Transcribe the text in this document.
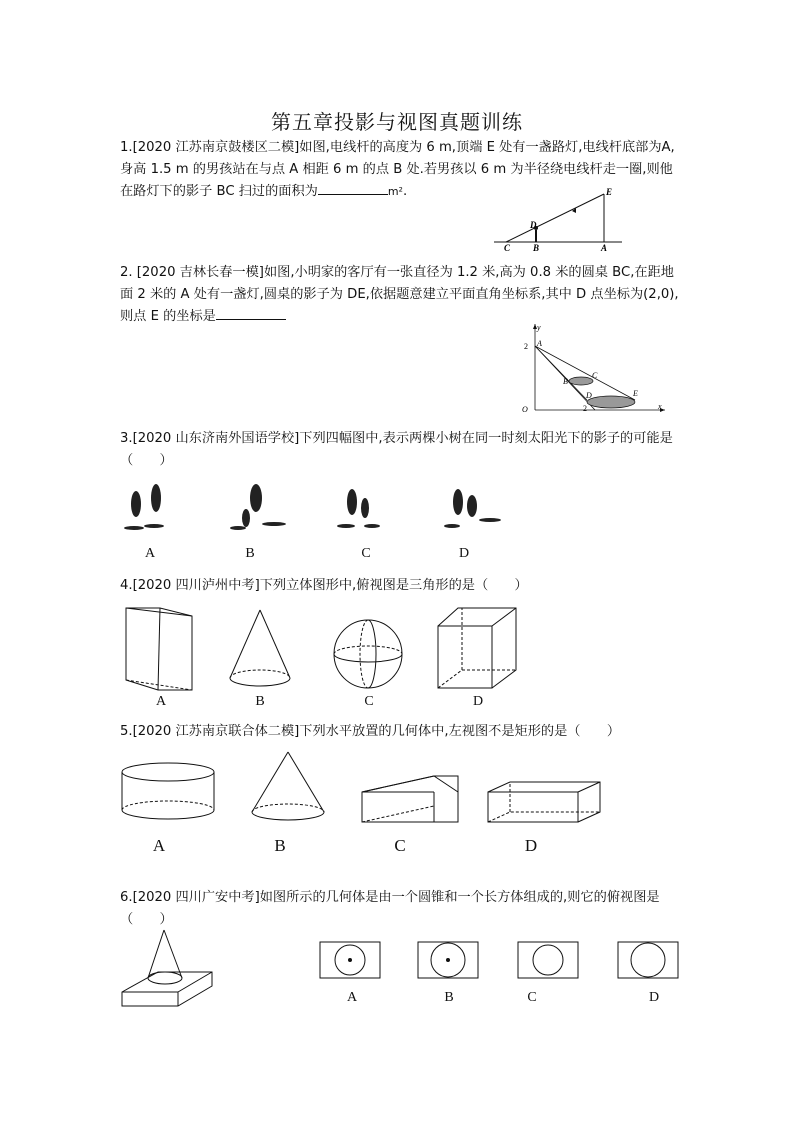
第五章投影与视图真题训练
1.[2020 江苏南京鼓楼区二模]如图,电线杆的高度为 6 m,顶端 E 处有一盏路灯,电线杆底部为A,身高 1.5 m 的男孩站在与点 A 相距 6 m 的点 B 处.若男孩以 6 m 为半径绕电线杆走一圈,则他在路灯下的影子 BC 扫过的面积为	m².	E
D
C	B	A
2. [2020 吉林长春一模]如图,小明家的客厅有一张直径为 1.2 米,高为 0.8 米的圆桌 BC,在距地面 2 米的 A 处有一盏灯,圆桌的影子为 DE,依据题意建立平面直角坐标系,其中 D 点坐标为(2,0),则点 E 的坐标是
y
x
O
2
2
A
B
C
D	E
3.[2020 山东济南外国语学校]下列四幅图中,表示两棵小树在同一时刻太阳光下的影子的可能是（　　）
A	B	C	D
4.[2020 四川泸州中考]下列立体图形中,俯视图是三角形的是（　　）
A	B	C	D
5.[2020 江苏南京联合体二模]下列水平放置的几何体中,左视图不是矩形的是（　　）
A	B	C	D
6.[2020 四川广安中考]如图所示的几何体是由一个圆锥和一个长方体组成的,则它的俯视图是（　　）
A	B	C	D
